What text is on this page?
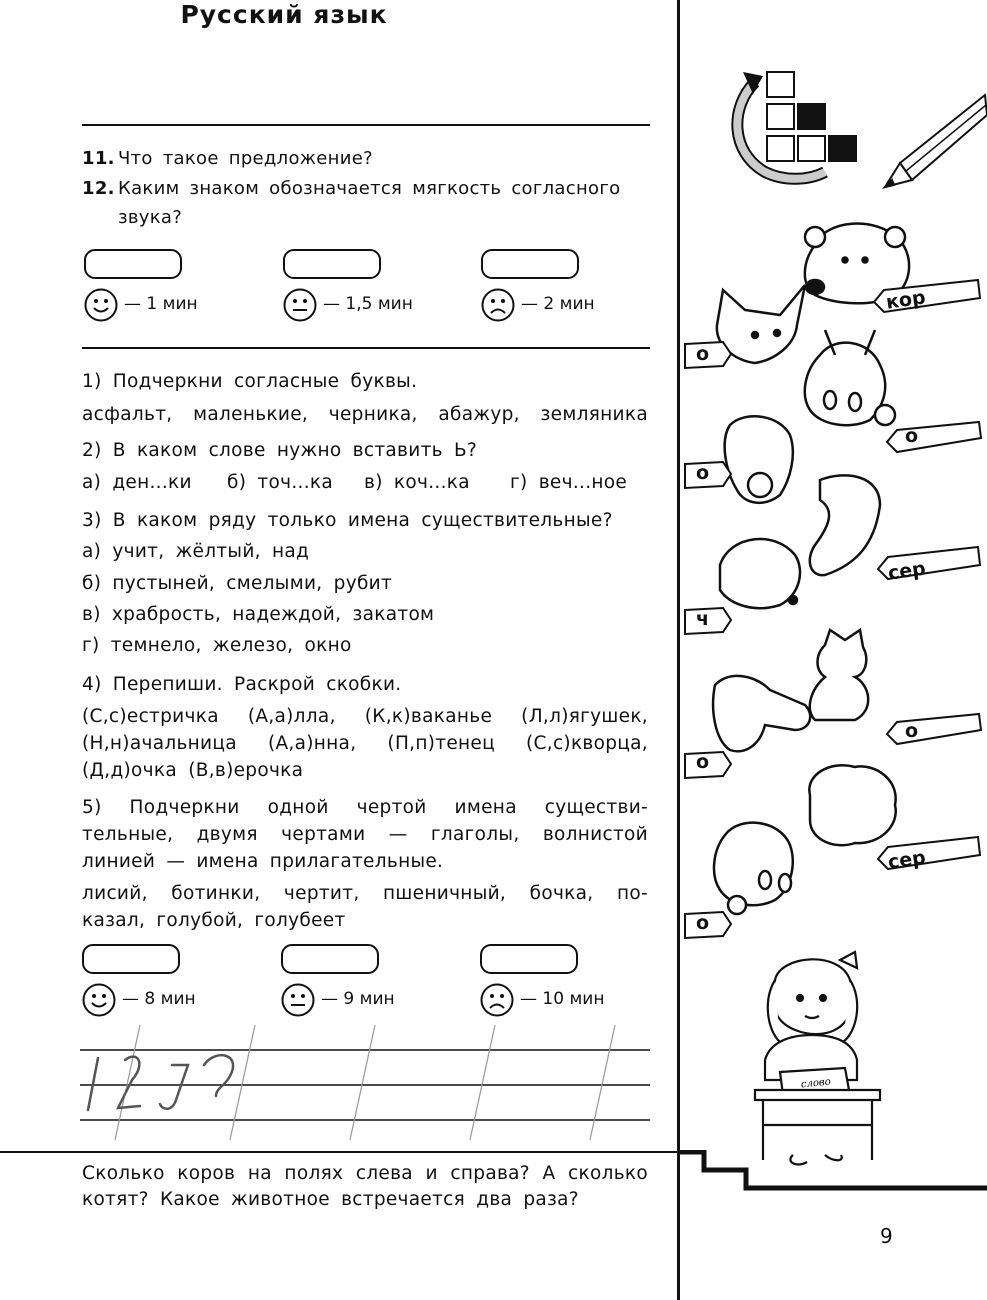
Русский язык
11. Что такое предложение?
12. Каким знаком обозначается мягкость согласного
звука?
— 1 мин	— 1,5 мин	— 2 мин
1) Подчеркни согласные буквы.
асфальт, маленькие, черника, абажур, земляника
2) В каком слове нужно вставить Ь?
а) ден...ки б) точ...ка в) коч...ка г) веч...ное
3) В каком ряду только имена существительные?
а) учит, жёлтый, над
б) пустыней, смелыми, рубит
в) храбрость, надеждой, закатом
г) темнело, железо, окно
4) Перепиши. Раскрой скобки.
(С,с)естричка (А,а)лла, (К,к)ваканье (Л,л)ягушек,
(Н,н)ачальница (А,а)нна, (П,п)тенец (С,с)кворца,
(Д,д)очка (В,в)ерочка
5) Подчеркни одной чертой имена существи-
тельные, двумя чертами — глаголы, волнистой
линией — имена прилагательные.
лисий, ботинки, чертит, пшеничный, бочка, по-
казал, голубой, голубеет
— 8 мин	— 9 мин	— 10 мин
Сколько коров на полях слева и справа? А сколько
котят? Какое животное встречается два раза?
9
кор
о
о
о
сер
ч
о
о
сер
о
слово
